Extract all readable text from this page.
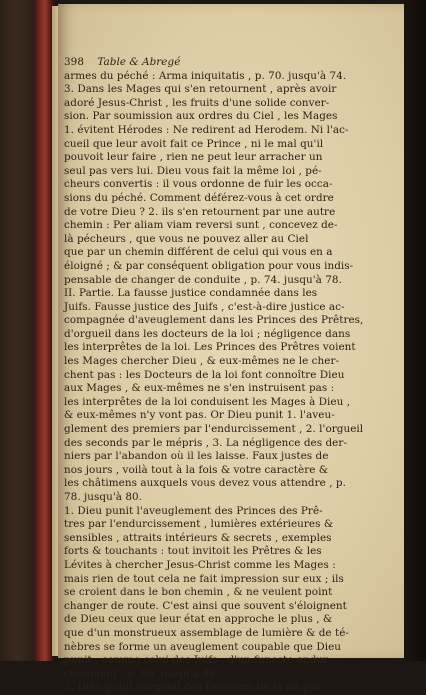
398 Table & Abregé
armes du péché : Arma iniquitatis , p. 70. jusqu'à 74.
3. Dans les Mages qui s'en retournent , après avoir
adoré Jesus-Christ , les fruits d'une solide conver-
sion. Par soumission aux ordres du Ciel , les Mages
1. évitent Hérodes : Ne redirent ad Herodem. Ni l'ac-
cueil que leur avoit fait ce Prince , ni le mal qu'il
pouvoit leur faire , rien ne peut leur arracher un
seul pas vers lui. Dieu vous fait la même loi , pé-
cheurs convertis : il vous ordonne de fuir les occa-
sions du péché. Comment déférez-vous à cet ordre
de votre Dieu ? 2. ils s'en retournent par une autre
chemin : Per aliam viam reversi sunt , concevez de-
là pécheurs , que vous ne pouvez aller au Ciel
que par un chemin différent de celui qui vous en a
éloigné ; & par conséquent obligation pour vous indis-
pensable de changer de conduite , p. 74. jusqu'à 78.
II. Partie. La fausse justice condamnée dans les
Juifs. Fausse justice des Juifs , c'est-à-dire justice ac-
compagnée d'aveuglement dans les Princes des Prêtres,
d'orgueil dans les docteurs de la loi ; négligence dans
les interprêtes de la loi. Les Princes des Prêtres voient
les Mages chercher Dieu , & eux-mêmes ne le cher-
chent pas : les Docteurs de la loi font connoître Dieu
aux Mages , & eux-mêmes ne s'en instruisent pas :
les interprêtes de la loi conduisent les Mages à Dieu ,
& eux-mêmes n'y vont pas. Or Dieu punit 1. l'aveu-
glement des premiers par l'endurcissement , 2. l'orgueil
des seconds par le mépris , 3. La négligence des der-
niers par l'abandon où il les laisse. Faux justes de
nos jours , voilà tout à la fois & votre caractère &
les châtimens auxquels vous devez vous attendre , p.
78. jusqu'à 80.
1. Dieu punit l'aveuglement des Princes des Prê-
tres par l'endurcissement , lumières extérieures &
sensibles , attraits intérieurs & secrets , exemples
forts & touchants : tout invitoit les Prêtres & les
Lévites à chercher Jesus-Christ comme les Mages :
mais rien de tout cela ne fait impression sur eux ; ils
se croient dans le bon chemin , & ne veulent point
changer de route. C'est ainsi que souvent s'éloignent
de Dieu ceux que leur état en approche le plus , &
que d'un monstrueux assemblage de lumière & de té-
nèbres se forme un aveuglement coupable que Dieu
punit , comme celui des Juifs , d'un funeste endur-
cissement , p. 80. jusqu'à 83.
2. Dieu punit l'orgueil des Docteurs de la loi par
